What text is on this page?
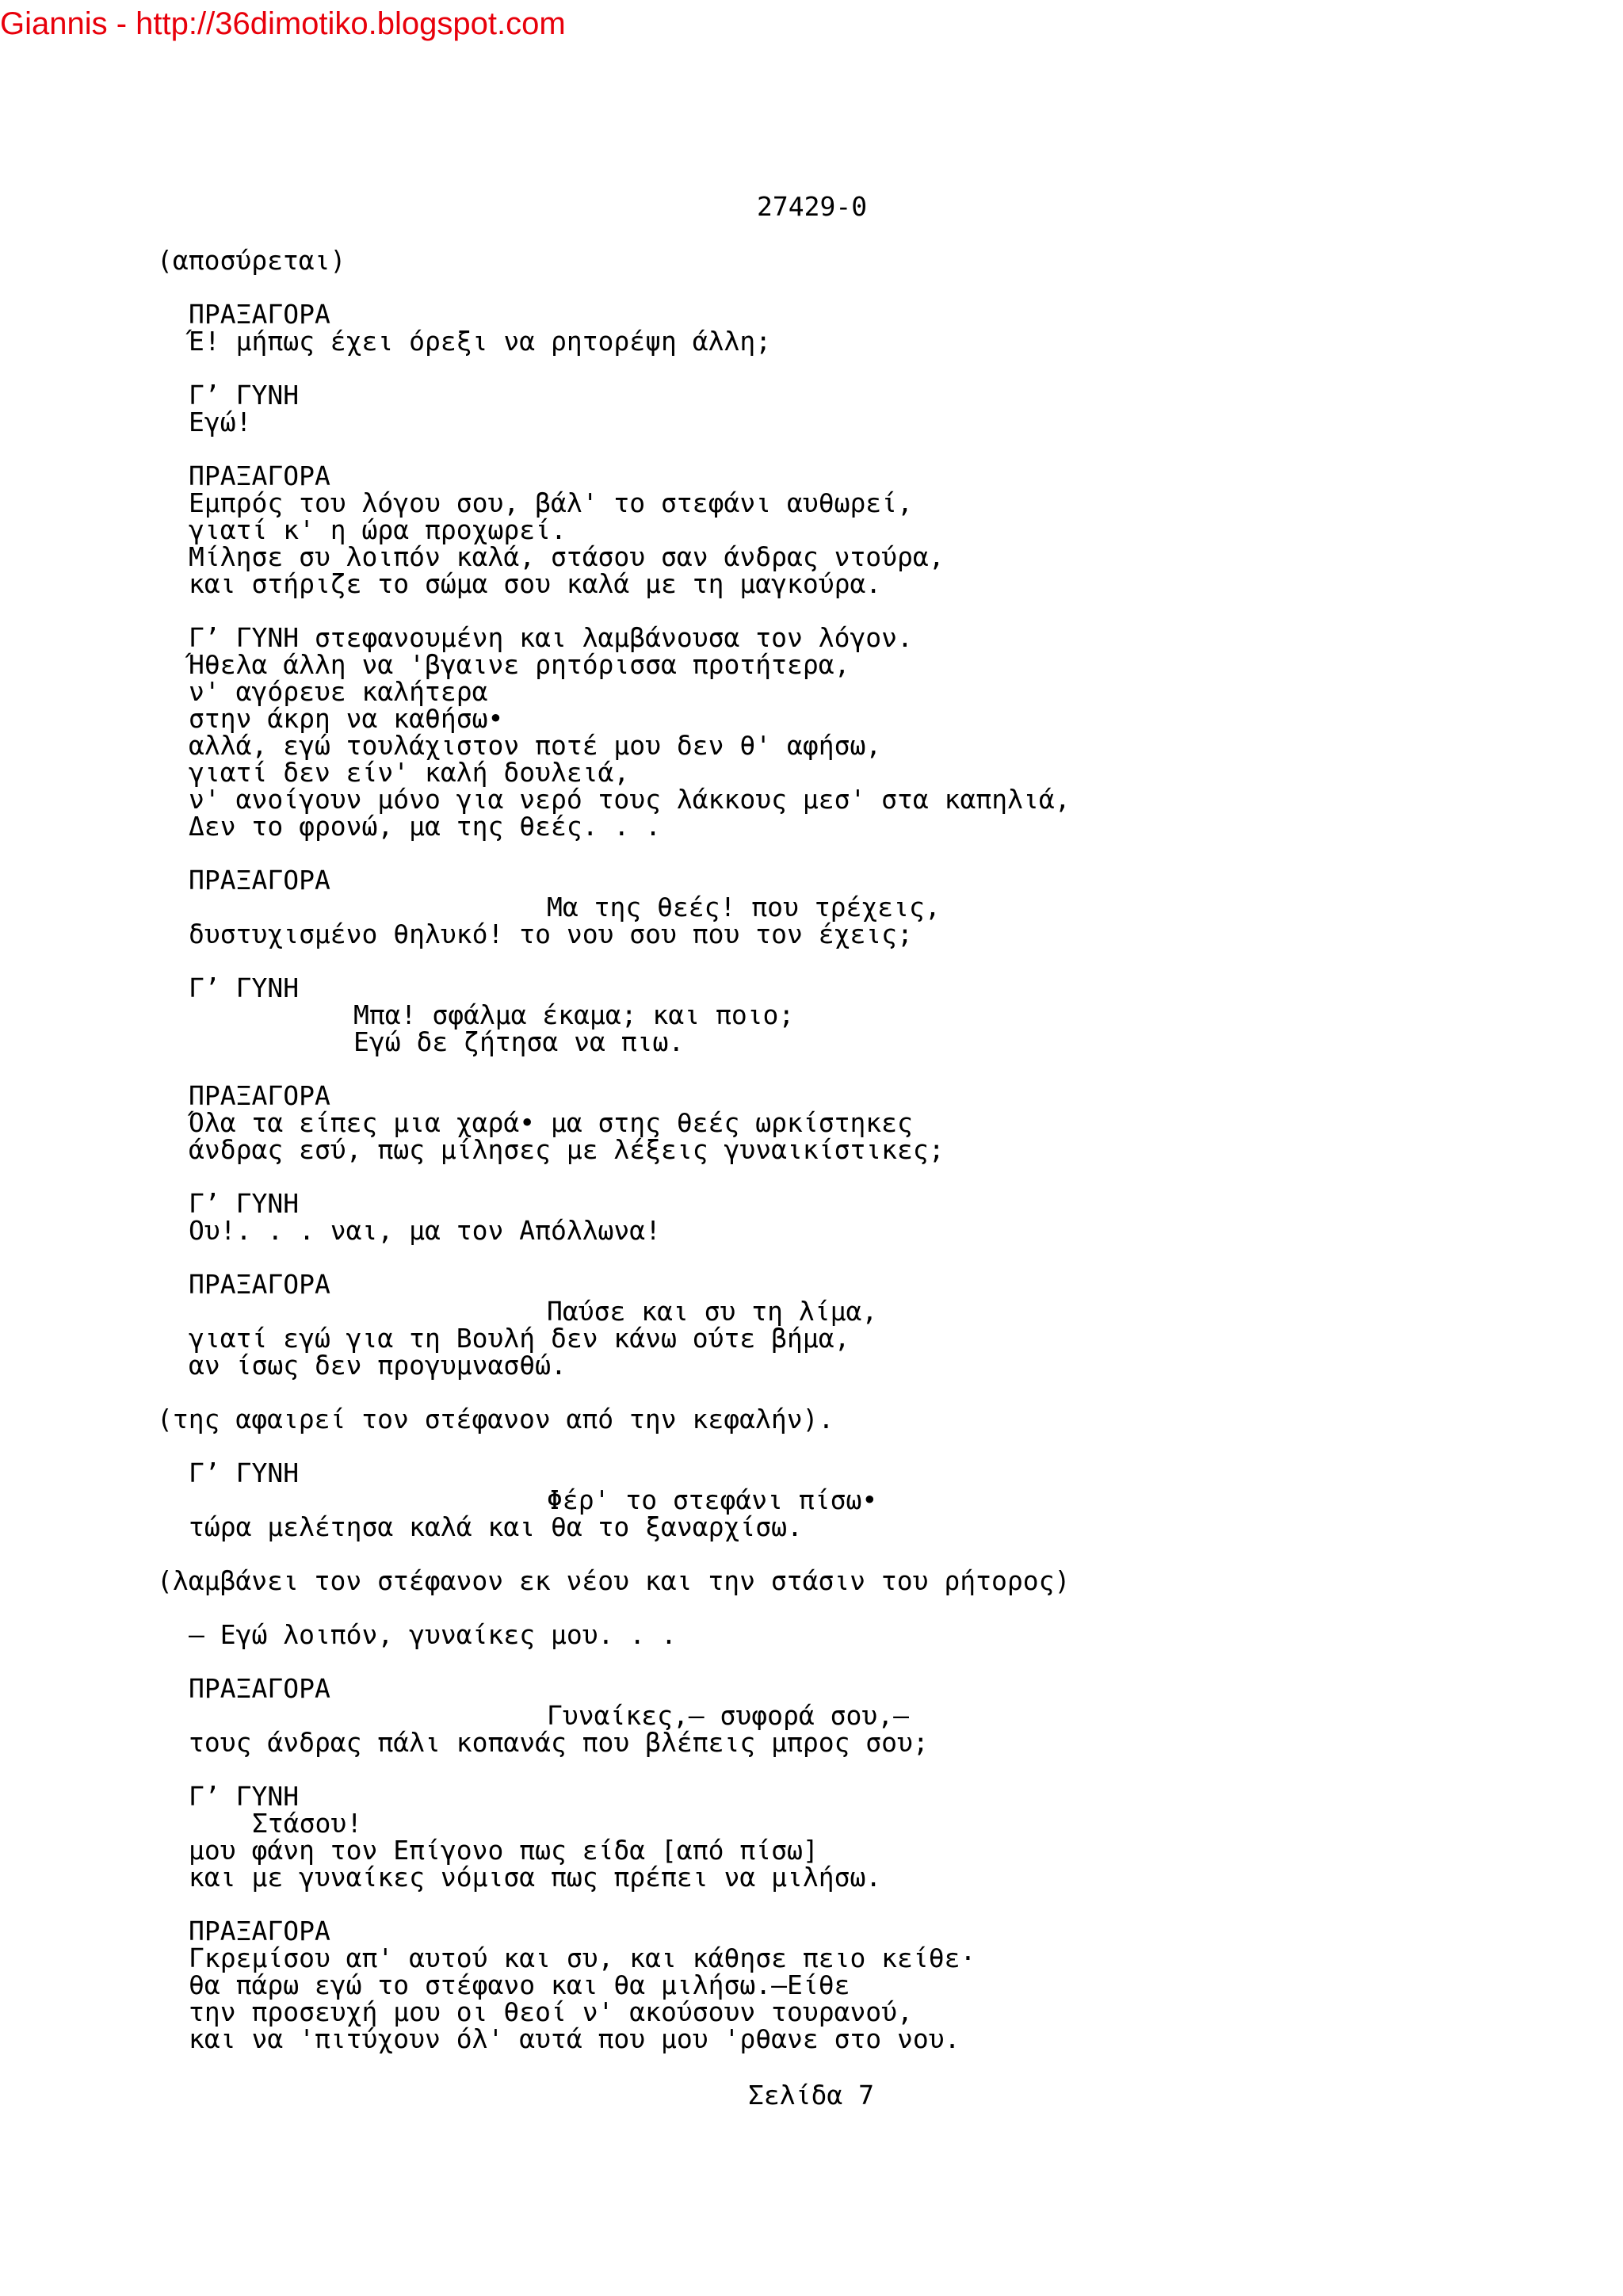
Giannis - http://36dimotiko.blogspot.com
27429-0
(αποσύρεται)
ΠΡΑΞΑΓΟΡΑ
Έ! μήπως έχει όρεξι να ρητορέψη άλλη;
Γ’ ΓΥΝΗ
Εγώ!
ΠΡΑΞΑΓΟΡΑ
Εμπρός του λόγου σου, βάλ' το στεφάνι αυθωρεί,
γιατί κ' η ώρα προχωρεί.
Μίλησε συ λοιπόν καλά, στάσου σαν άνδρας ντούρα,
και στήριζε το σώμα σου καλά με τη μαγκούρα.
Γ’ ΓΥΝΗ στεφανουμένη και λαμβάνουσα τον λόγον.
Ήθελα άλλη να 'βγαινε ρητόρισσα προτήτερα,
ν' αγόρευε καλήτερα
στην άκρη να καθήσω•
αλλά, εγώ τουλάχιστον ποτέ μου δεν θ' αφήσω,
γιατί δεν είν' καλή δουλειά,
ν' ανοίγουν μόνο για νερό τους λάκκους μεσ' στα καπηλιά,
Δεν το φρονώ, μα της θεές. . .
ΠΡΑΞΑΓΟΡΑ
Μα της θεές! που τρέχεις,
δυστυχισμένο θηλυκό! το νου σου που τον έχεις;
Γ’ ΓΥΝΗ
Μπα! σφάλμα έκαμα; και ποιο;
Εγώ δε ζήτησα να πιω.
ΠΡΑΞΑΓΟΡΑ
Όλα τα είπες μια χαρά• μα στης θεές ωρκίστηκες
άνδρας εσύ, πως μίλησες με λέξεις γυναικίστικες;
Γ’ ΓΥΝΗ
Ου!. . . ναι, μα τον Απόλλωνα!
ΠΡΑΞΑΓΟΡΑ
Παύσε και συ τη λίμα,
γιατί εγώ για τη Βουλή δεν κάνω ούτε βήμα,
αν ίσως δεν προγυμνασθώ.
(της αφαιρεί τον στέφανον από την κεφαλήν).
Γ’ ΓΥΝΗ
Φέρ' το στεφάνι πίσω•
τώρα μελέτησα καλά και θα το ξαναρχίσω.
(λαμβάνει τον στέφανον εκ νέου και την στάσιν του ρήτορος)
— Εγώ λοιπόν, γυναίκες μου. . .
ΠΡΑΞΑΓΟΡΑ
Γυναίκες,— συφορά σου,—
τους άνδρας πάλι κοπανάς που βλέπεις μπρος σου;
Γ’ ΓΥΝΗ
Στάσου!
μου φάνη τον Επίγονο πως είδα [από πίσω]
και με γυναίκες νόμισα πως πρέπει να μιλήσω.
ΠΡΑΞΑΓΟΡΑ
Γκρεμίσου απ' αυτού και συ, και κάθησε πειο κείθε·
θα πάρω εγώ το στέφανο και θα μιλήσω.—Είθε
την προσευχή μου οι θεοί ν' ακούσουν τουρανού,
και να 'πιτύχουν όλ' αυτά που μου 'ρθανε στο νου.
Σελίδα 7
